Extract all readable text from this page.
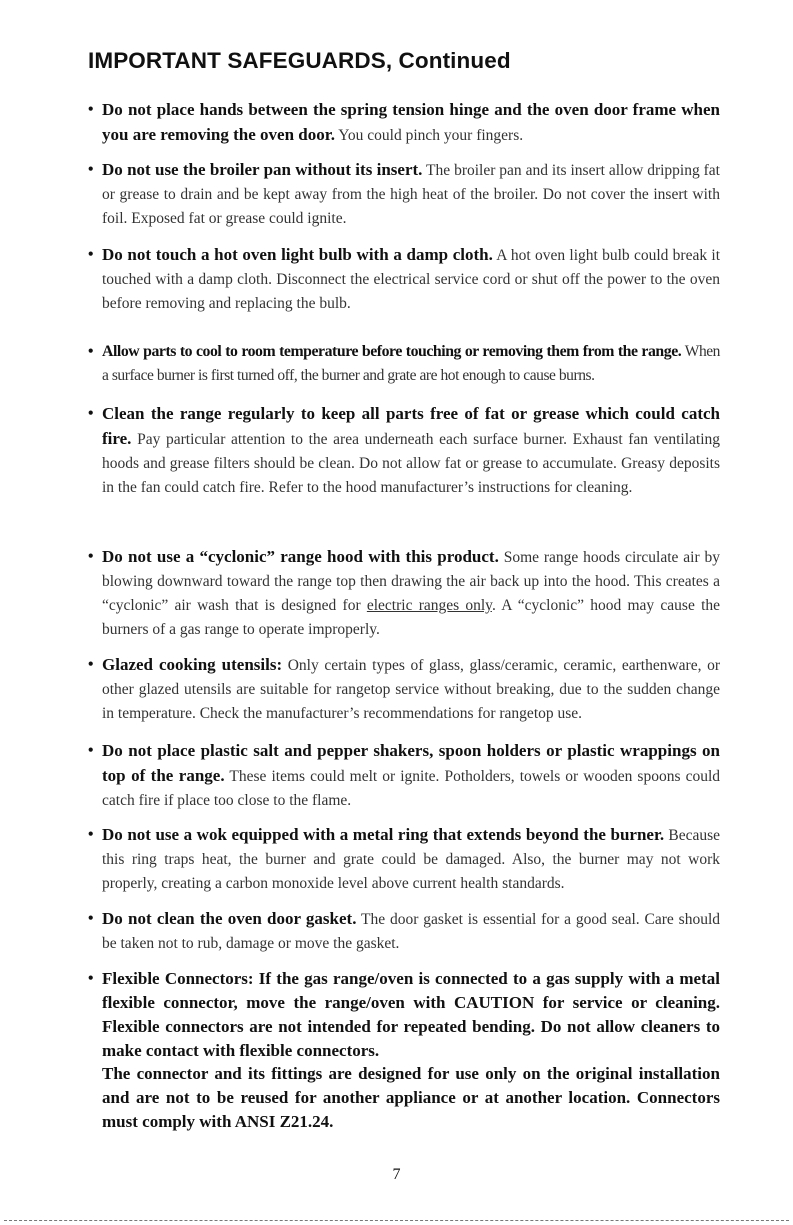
IMPORTANT SAFEGUARDS, Continued
• Do not place hands between the spring tension hinge and the oven door frame when you are removing the oven door. You could pinch your fingers.
• Do not use the broiler pan without its insert. The broiler pan and its insert allow dripping fat or grease to drain and be kept away from the high heat of the broiler. Do not cover the insert with foil. Exposed fat or grease could ignite.
• Do not touch a hot oven light bulb with a damp cloth. A hot oven light bulb could break it touched with a damp cloth. Disconnect the electrical service cord or shut off the power to the oven before removing and replacing the bulb.
• Allow parts to cool to room temperature before touching or removing them from the range. When a surface burner is first turned off, the burner and grate are hot enough to cause burns.
• Clean the range regularly to keep all parts free of fat or grease which could catch fire. Pay particular attention to the area underneath each surface burner. Exhaust fan ventilating hoods and grease filters should be clean. Do not allow fat or grease to accumulate. Greasy deposits in the fan could catch fire. Refer to the hood manufacturer’s instructions for cleaning.
• Do not use a “cyclonic” range hood with this product. Some range hoods circulate air by blowing downward toward the range top then drawing the air back up into the hood. This creates a “cyclonic” air wash that is designed for electric ranges only. A “cyclonic” hood may cause the burners of a gas range to operate improperly.
• Glazed cooking utensils: Only certain types of glass, glass/ceramic, ceramic, earthenware, or other glazed utensils are suitable for rangetop service without breaking, due to the sudden change in temperature. Check the manufacturer’s recommendations for rangetop use.
• Do not place plastic salt and pepper shakers, spoon holders or plastic wrappings on top of the range. These items could melt or ignite. Potholders, towels or wooden spoons could catch fire if place too close to the flame.
• Do not use a wok equipped with a metal ring that extends beyond the burner. Because this ring traps heat, the burner and grate could be damaged. Also, the burner may not work properly, creating a carbon monoxide level above current health standards.
• Do not clean the oven door gasket. The door gasket is essential for a good seal. Care should be taken not to rub, damage or move the gasket.
• Flexible Connectors: If the gas range/oven is connected to a gas supply with a metal flexible connector, move the range/oven with CAUTION for service or cleaning. Flexible connectors are not intended for repeated bending. Do not allow cleaners to make contact with flexible connectors.
The connector and its fittings are designed for use only on the original installation and are not to be reused for another appliance or at another location. Connectors must comply with ANSI Z21.24.
7
